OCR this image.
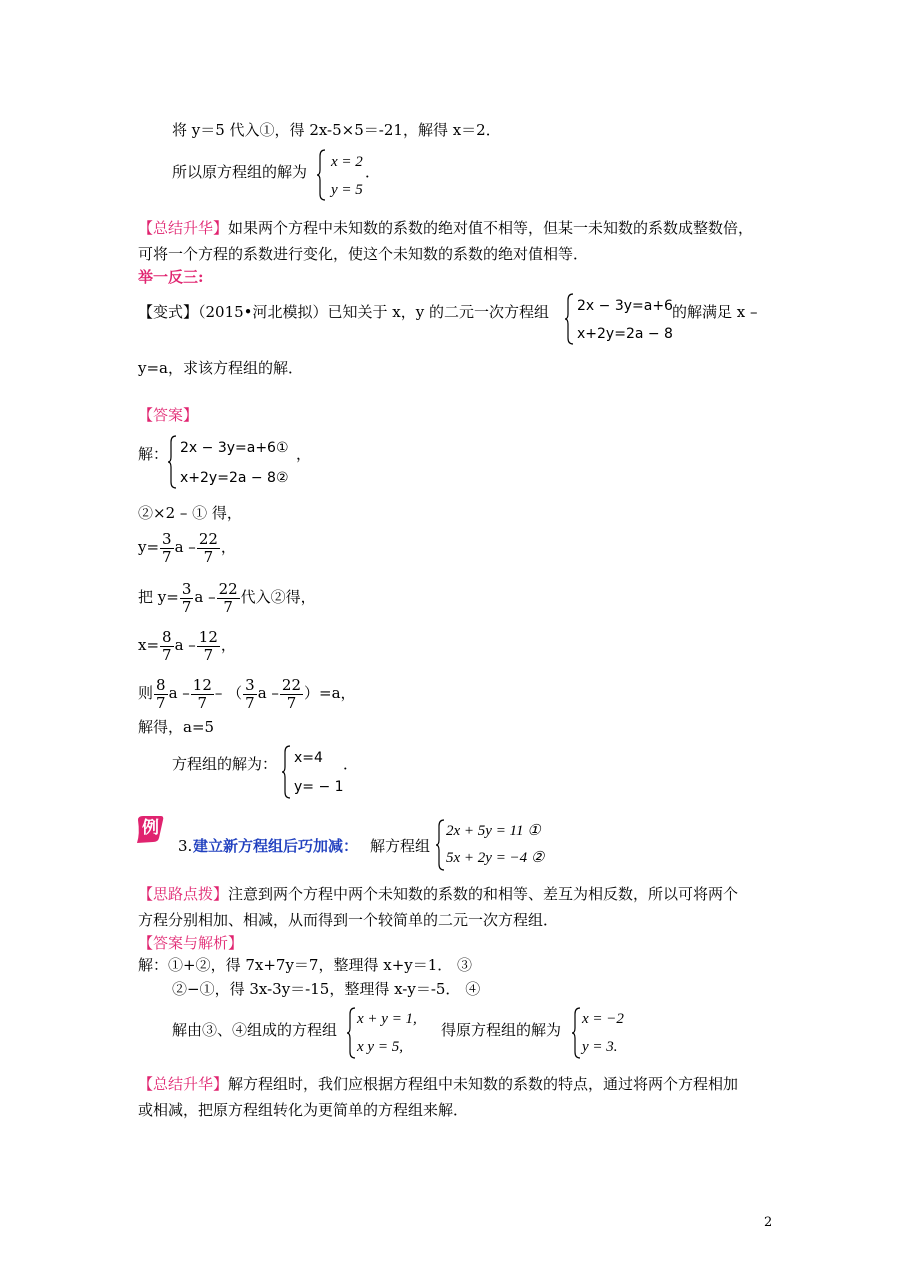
将 y＝5 代入①，得 2x-5×5＝-21，解得 x＝2．
所以原方程组的解为
x = 2
y = 5
．
【总结升华】如果两个方程中未知数的系数的绝对值不相等，但某一未知数的系数成整数倍，
可将一个方程的系数进行变化，使这个未知数的系数的绝对值相等．
举一反三:
【变式】（2015•河北模拟）已知关于 x，y 的二元一次方程组 2x − 3y=a+6
x+2y=2a − 8
的解满足 x –
y=a，求该方程组的解．
【答案】
解： 2x − 3y=a+6①
x+2y=2a − 8②
，
②×2 – ① 得，
$y= \frac{3}{7}$ a – $\frac{22}{7}$ ，
把 $y= \frac{3}{7}$ a – $\frac{22}{7}$ 代入②得，
$x= \frac{8}{7}$ a – $\frac{12}{7}$ ，
则 $\frac{8}{7}$ a – $\frac{12}{7}$ – （ $\frac{3}{7}$ $a - \frac{22}{7} )=a$，
解得，a=5
方程组的解为： x=4
y= − 1
．
例
3. 建立新方程组后巧加减： 解方程组
2x + 5y = 11 ①
5x + 2y = −4 ②
【思路点拨】注意到两个方程中两个未知数的系数的和相等、差互为相反数，所以可将两个
方程分别相加、相减，从而得到一个较简单的二元一次方程组．
【答案与解析】
解：①+②，得 7x+7y＝7，整理得 x+y＝1． ③
②−①，得 3x-3y＝-15，整理得 x-y＝-5． ④
解由③、④组成的方程组
x + y = 1,
x y = 5,
得原方程组的解为
x = −2
y = 3.
【总结升华】解方程组时，我们应根据方程组中未知数的系数的特点，通过将两个方程相加
或相减，把原方程组转化为更简单的方程组来解．
2
